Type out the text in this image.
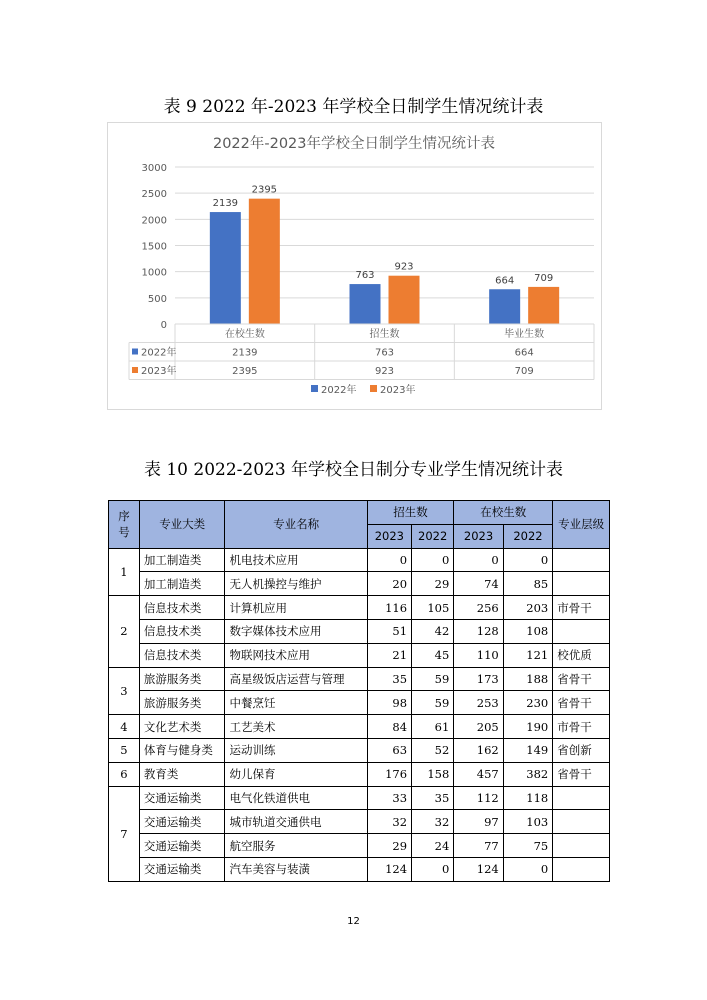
表 9 2022 年-2023 年学校全日制学生情况统计表
2022年-2023年学校全日制学生情况统计表
0
500
1000
1500
2000
2500
3000
2139
2395
763
923
664 709
在校生数	招生数	毕业生数
2022年	2139	763	664
2023年	2395	923	709
2022年 2023年
表 10 2022-2023 年学校全日制分专业学生情况统计表
序号	专业大类	专业名称	招生数		在校生数		专业层级
			2023	2022	2023	2022	
1	加工制造类	机电技术应用	0	0	0	0	
	加工制造类	无人机操控与维护	20	29	74	85	
2	信息技术类	计算机应用	116	105	256	203	市骨干
	信息技术类	数字媒体技术应用	51	42	128	108	
	信息技术类	物联网技术应用	21	45	110	121	校优质
3	旅游服务类	高星级饭店运营与管理	35	59	173	188	省骨干
	旅游服务类	中餐烹饪	98	59	253	230	省骨干
4	文化艺术类	工艺美术	84	61	205	190	市骨干
5	体育与健身类	运动训练	63	52	162	149	省创新
6	教育类	幼儿保育	176	158	457	382	省骨干
7	交通运输类	电气化铁道供电	33	35	112	118	
	交通运输类	城市轨道交通供电	32	32	97	103	
	交通运输类	航空服务	29	24	77	75	
	交通运输类	汽车美容与装潢	124	0	124	0	
12
